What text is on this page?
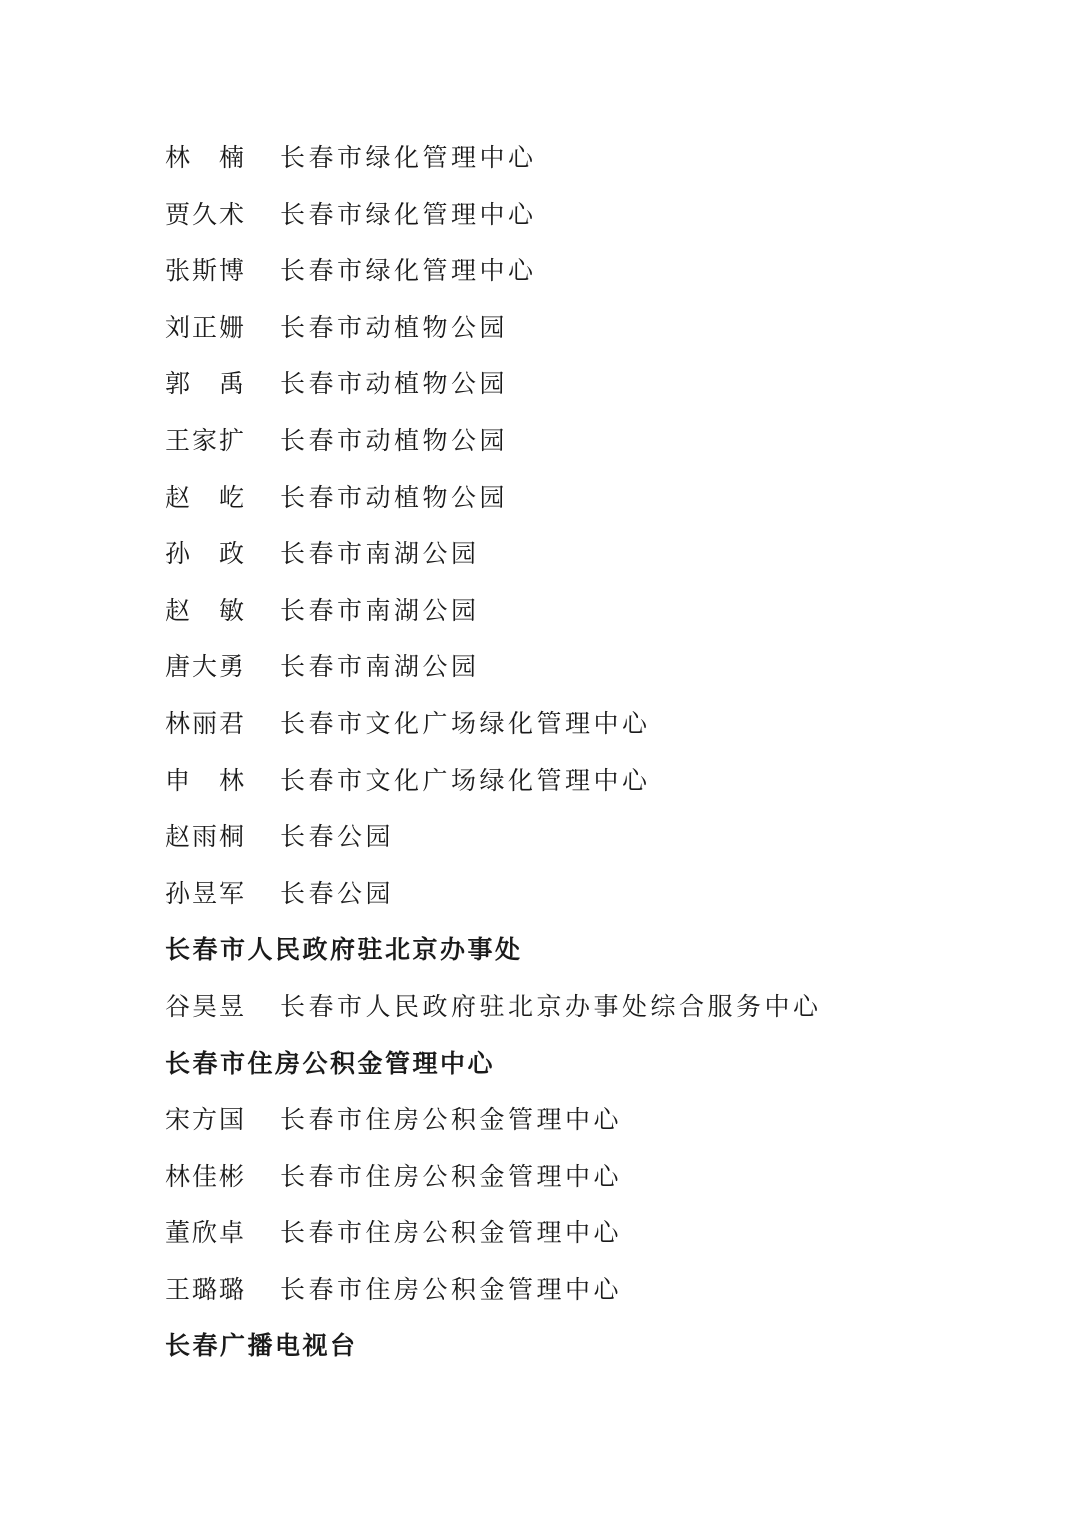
林 楠 长春市绿化管理中心
贾久术	长春市绿化管理中心
张斯博	长春市绿化管理中心
刘正姗	长春市动植物公园
郭 禹 长春市动植物公园
王家扩	长春市动植物公园
赵 屹 长春市动植物公园
孙 政 长春市南湖公园
赵 敏 长春市南湖公园
唐大勇	长春市南湖公园
林丽君	长春市文化广场绿化管理中心
申 林 长春市文化广场绿化管理中心
赵雨桐	长春公园
孙昱军	长春公园
长春市人民政府驻北京办事处
谷昊昱	长春市人民政府驻北京办事处综合服务中心
长春市住房公积金管理中心
宋方国	长春市住房公积金管理中心
林佳彬	长春市住房公积金管理中心
董欣卓	长春市住房公积金管理中心
王璐璐	长春市住房公积金管理中心
长春广播电视台
